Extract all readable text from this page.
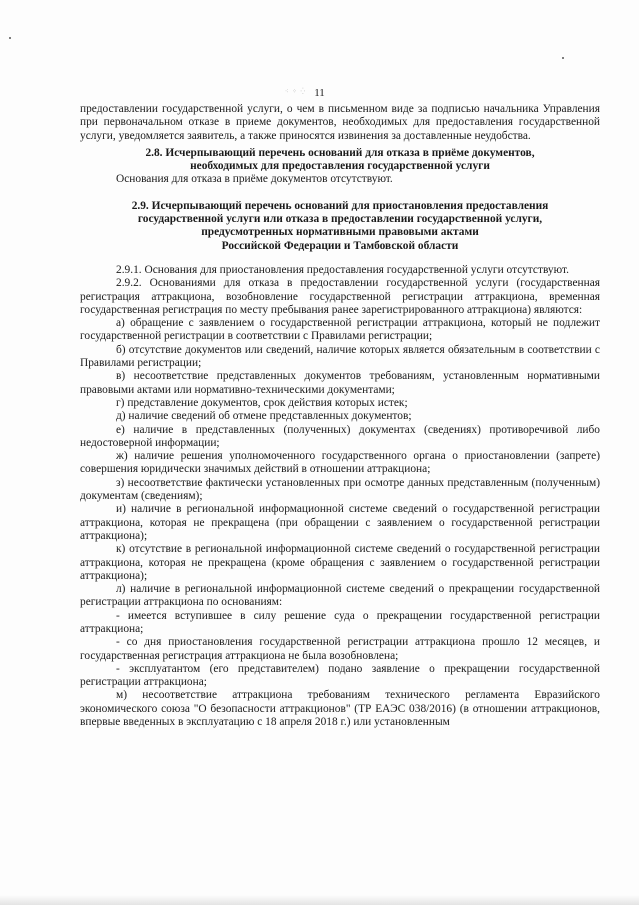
⁖ ⁘ ⁛ 11

предоставлении государственной услуги, о чем в письменном виде за подписью начальника Управления при первоначальном отказе в приеме документов, необходимых для предоставления государственной услуги, уведомляется заявитель, а также приносятся извинения за доставленные неудобства.

2.8. Исчерпывающий перечень оснований для отказа в приёме документов,

необходимых для предоставления государственной услуги

Основания для отказа в приёме документов отсутствуют.

2.9. Исчерпывающий перечень оснований для приостановления предоставления

государственной услуги или отказа в предоставлении государственной услуги,

предусмотренных нормативными правовыми актами

Российской Федерации и Тамбовской области

2.9.1. Основания для приостановления предоставления государственной услуги отсутствуют.

2.9.2. Основаниями для отказа в предоставлении государственной услуги (государственная регистрация аттракциона, возобновление государственной регистрации аттракциона, временная государственная регистрация по месту пребывания ранее зарегистрированного аттракциона) являются:

а) обращение с заявлением о государственной регистрации аттракциона, который не подлежит государственной регистрации в соответствии с Правилами регистрации;

б) отсутствие документов или сведений, наличие которых является обязательным в соответствии с Правилами регистрации;

в) несоответствие представленных документов требованиям, установленным нормативными правовыми актами или нормативно-техническими документами;

г) представление документов, срок действия которых истек;

д) наличие сведений об отмене представленных документов;

е) наличие в представленных (полученных) документах (сведениях) противоречивой либо недостоверной информации;

ж) наличие решения уполномоченного государственного органа о приостановлении (запрете) совершения юридически значимых действий в отношении аттракциона;

з) несоответствие фактически установленных при осмотре данных представленным (полученным) документам (сведениям);

и) наличие в региональной информационной системе сведений о государственной регистрации аттракциона, которая не прекращена (при обращении с заявлением о государственной регистрации аттракциона);

к) отсутствие в региональной информационной системе сведений о государственной регистрации аттракциона, которая не прекращена (кроме обращения с заявлением о государственной регистрации аттракциона);

л) наличие в региональной информационной системе сведений о прекращении государственной регистрации аттракциона по основаниям:

- имеется вступившее в силу решение суда о прекращении государственной регистрации аттракциона;

- со дня приостановления государственной регистрации аттракциона прошло 12 месяцев, и государственная регистрация аттракциона не была возобновлена;

- эксплуатантом (его представителем) подано заявление о прекращении государственной регистрации аттракциона;

м) несоответствие аттракциона требованиям технического регламента Евразийского экономического союза "О безопасности аттракционов" (ТР ЕАЭС 038/2016) (в отношении аттракционов, впервые введенных в эксплуатацию с 18 апреля 2018 г.) или установленным
